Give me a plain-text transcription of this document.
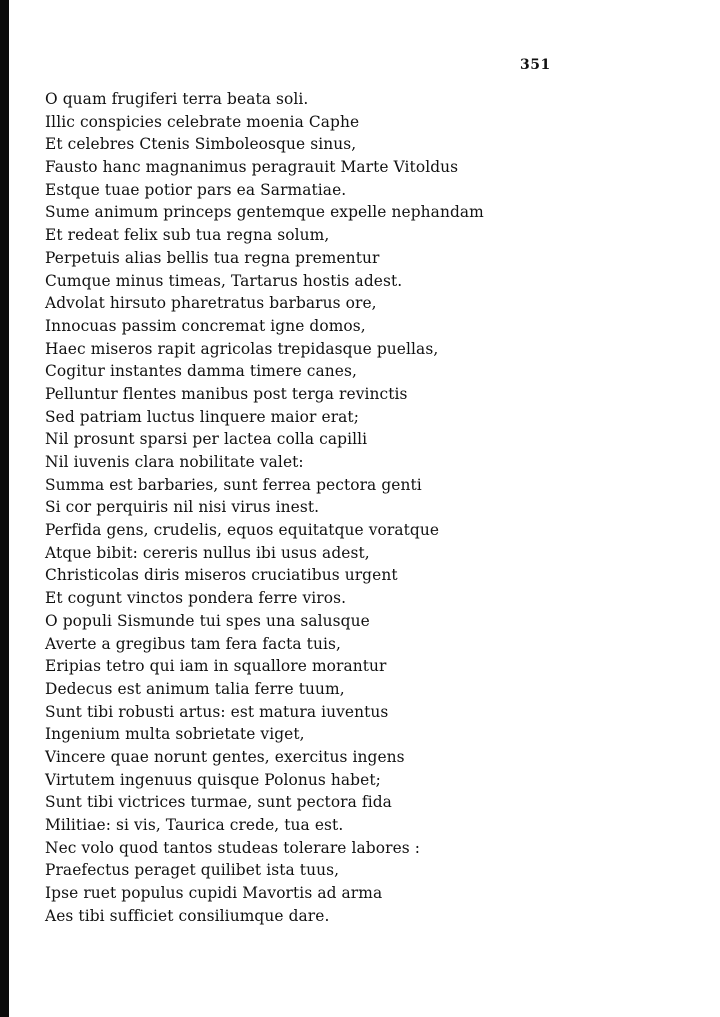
351
O quam frugiferi terra beata soli.
Illic conspicies celebrate moenia Caphe
Et celebres Ctenis Simboleosque sinus,
Fausto hanc magnanimus peragrauit Marte Vitoldus
Estque tuae potior pars ea Sarmatiae.
Sume animum princeps gentemque expelle nephandam
Et redeat felix sub tua regna solum,
Perpetuis alias bellis tua regna prementur
Cumque minus timeas, Tartarus hostis adest.
Advolat hirsuto pharetratus barbarus ore,
Innocuas passim concremat igne domos,
Haec miseros rapit agricolas trepidasque puellas,
Cogitur instantes damma timere canes,
Pelluntur flentes manibus post terga revinctis
Sed patriam luctus linquere maior erat;
Nil prosunt sparsi per lactea colla capilli
Nil iuvenis clara nobilitate valet:
Summa est barbaries, sunt ferrea pectora genti
Si cor perquiris nil nisi virus inest.
Perfida gens, crudelis, equos equitatque voratque
Atque bibit: cereris nullus ibi usus adest,
Christicolas diris miseros cruciatibus urgent
Et cogunt vinctos pondera ferre viros.
O populi Sismunde tui spes una salusque
Averte a gregibus tam fera facta tuis,
Eripias tetro qui iam in squallore morantur
Dedecus est animum talia ferre tuum,
Sunt tibi robusti artus: est matura iuventus
Ingenium multa sobrietate viget,
Vincere quae norunt gentes, exercitus ingens
Virtutem ingenuus quisque Polonus habet;
Sunt tibi victrices turmae, sunt pectora fida
Militiae: si vis, Taurica crede, tua est.
Nec volo quod tantos studeas tolerare labores :
Praefectus peraget quilibet ista tuus,
Ipse ruet populus cupidi Mavortis ad arma
Aes tibi sufficiet consiliumque dare.
